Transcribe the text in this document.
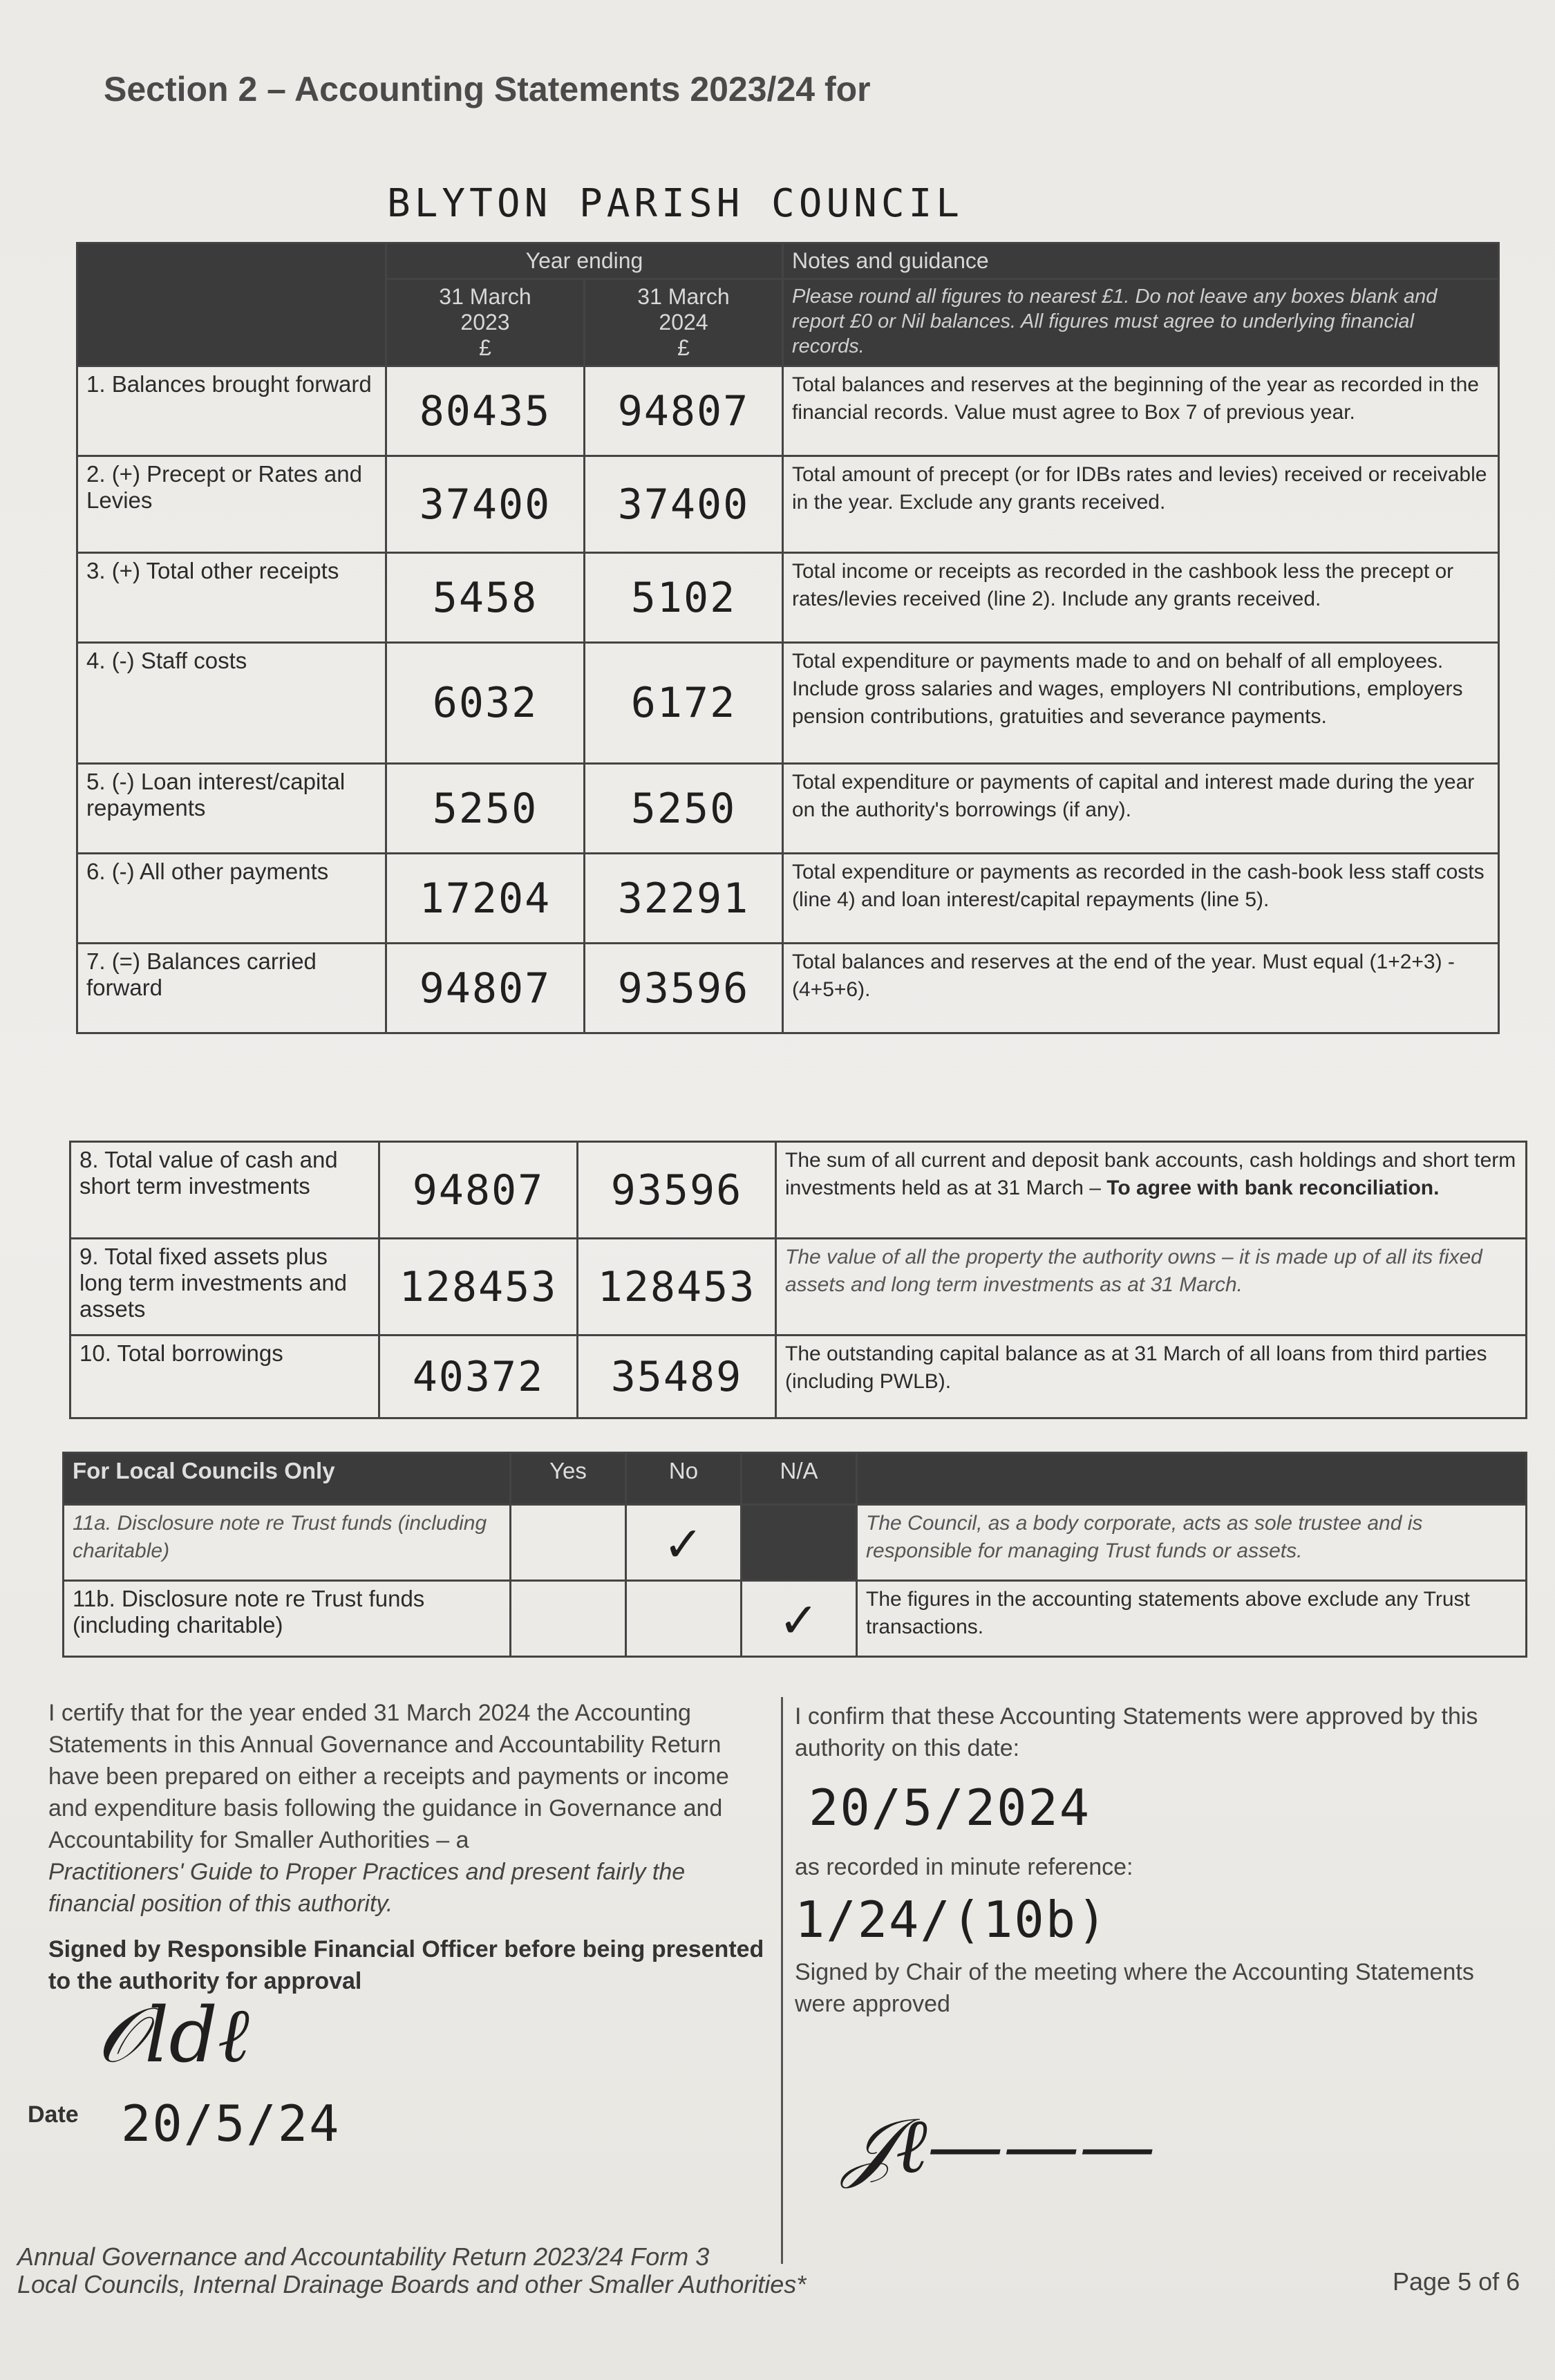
Section 2 – Accounting Statements 2023/24 for
BLYTON PARISH COUNCIL
	Year ending		Notes and guidance
	31 March
2023
£	31 March
2024
£	Please round all figures to nearest £1. Do not leave any boxes blank and report £0 or Nil balances. All figures must agree to underlying financial records.
1. Balances brought forward	80435	94807	Total balances and reserves at the beginning of the year as recorded in the financial records. Value must agree to Box 7 of previous year.
2. (+) Precept or Rates and Levies	37400	37400	Total amount of precept (or for IDBs rates and levies) received or receivable in the year. Exclude any grants received.
3. (+) Total other receipts	5458	5102	Total income or receipts as recorded in the cashbook less the precept or rates/levies received (line 2). Include any grants received.
4. (-) Staff costs	6032	6172	Total expenditure or payments made to and on behalf of all employees. Include gross salaries and wages, employers NI contributions, employers pension contributions, gratuities and severance payments.
5. (-) Loan interest/capital repayments	5250	5250	Total expenditure or payments of capital and interest made during the year on the authority's borrowings (if any).
6. (-) All other payments	17204	32291	Total expenditure or payments as recorded in the cash-book less staff costs (line 4) and loan interest/capital repayments (line 5).
7. (=) Balances carried forward	94807	93596	Total balances and reserves at the end of the year. Must equal (1+2+3) - (4+5+6).
8. Total value of cash and short term investments	94807	93596	The sum of all current and deposit bank accounts, cash holdings and short term investments held as at 31 March – To agree with bank reconciliation.
9. Total fixed assets plus long term investments and assets	128453	128453	The value of all the property the authority owns – it is made up of all its fixed assets and long term investments as at 31 March.
10. Total borrowings	40372	35489	The outstanding capital balance as at 31 March of all loans from third parties (including PWLB).
For Local Councils Only	Yes	No	N/A	
11a. Disclosure note re Trust funds (including charitable)		✓		The Council, as a body corporate, acts as sole trustee and is responsible for managing Trust funds or assets.
11b. Disclosure note re Trust funds (including charitable)			✓	The figures in the accounting statements above exclude any Trust transactions.
I certify that for the year ended 31 March 2024 the Accounting Statements in this Annual Governance and Accountability Return have been prepared on either a receipts and payments or income and expenditure basis following the guidance in Governance and Accountability for Smaller Authorities – a
Practitioners' Guide to Proper Practices and present fairly the financial position of this authority.
Signed by Responsible Financial Officer before being presented to the authority for approval
𝒪ldℓ
Date 20/5/24
I confirm that these Accounting Statements were approved by this authority on this date:
20/5/2024
as recorded in minute reference:
1/24/(10b)
Signed by Chair of the meeting where the Accounting Statements were approved
𝒥ℓ———
Annual Governance and Accountability Return 2023/24 Form 3
Local Councils, Internal Drainage Boards and other Smaller Authorities*	Page 5 of 6
